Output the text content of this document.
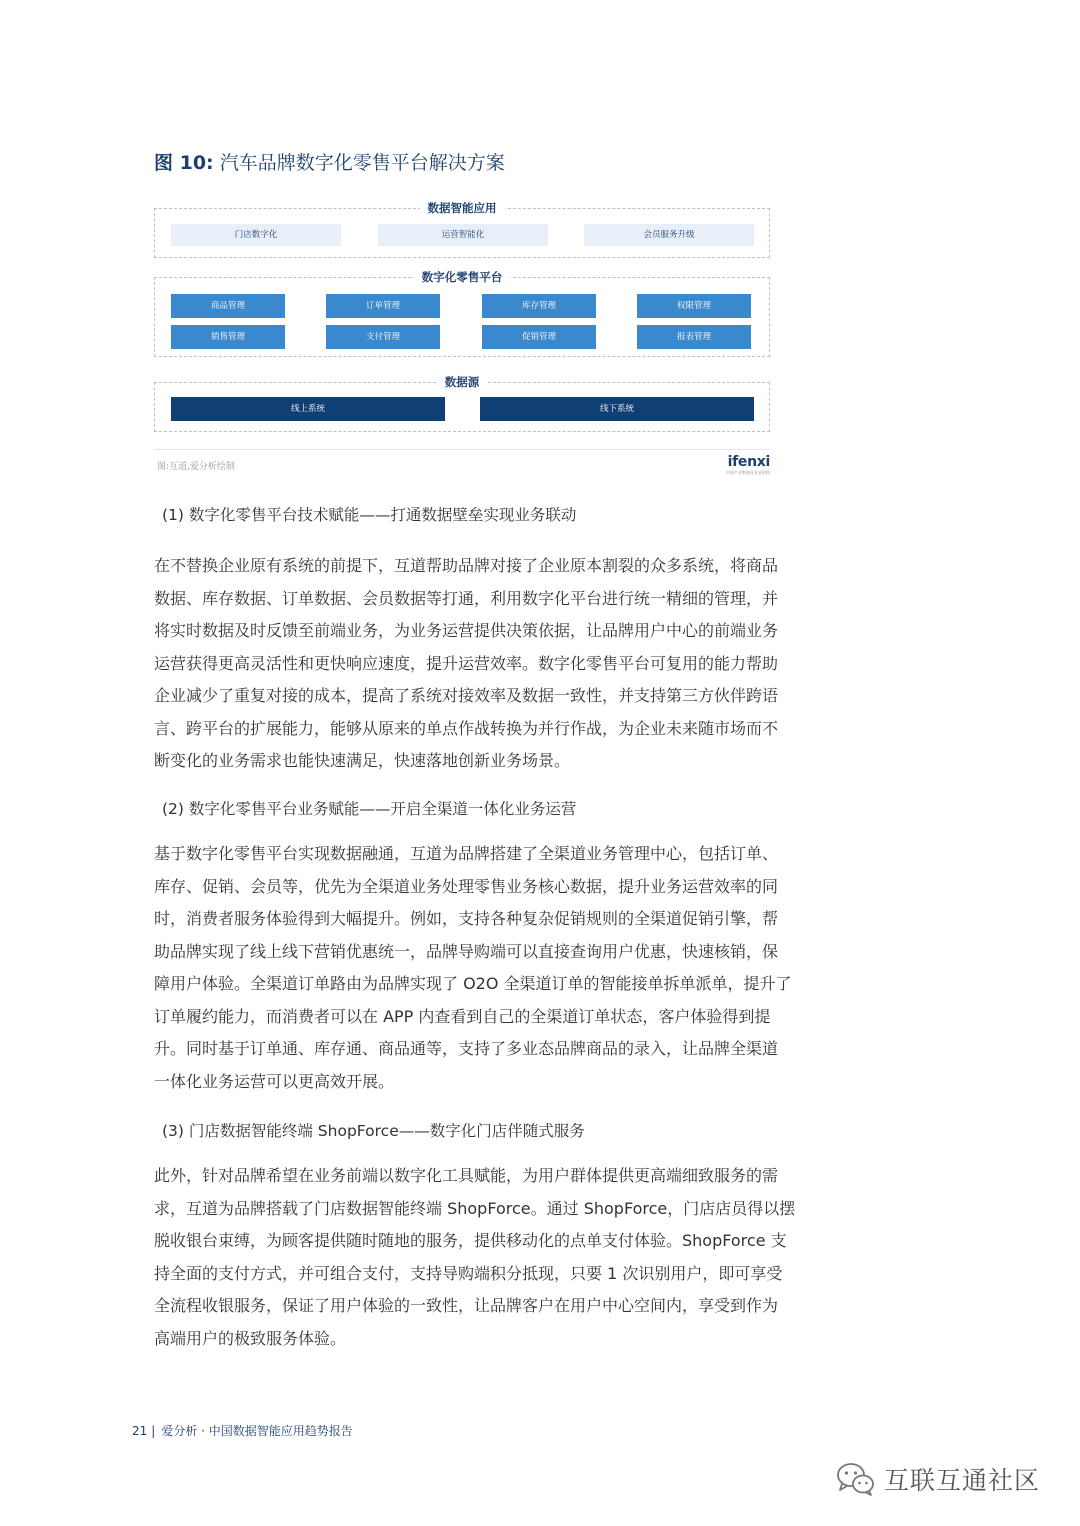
图 10: 汽车品牌数字化零售平台解决方案
数据智能应用
门店数字化	运营智能化	会员服务升级
数字化零售平台
商品管理	订单管理	库存管理	权限管理
销售管理	支付管理	促销管理	报表管理
数据源
线上系统	线下系统
图:互道,爱分析绘制	ifenxi
中国产业数智化专业机构
(1) 数字化零售平台技术赋能——打通数据壁垒实现业务联动
在不替换企业原有系统的前提下，互道帮助品牌对接了企业原本割裂的众多系统，将商品
数据、库存数据、订单数据、会员数据等打通，利用数字化平台进行统一精细的管理，并
将实时数据及时反馈至前端业务，为业务运营提供决策依据，让品牌用户中心的前端业务
运营获得更高灵活性和更快响应速度，提升运营效率。数字化零售平台可复用的能力帮助
企业减少了重复对接的成本，提高了系统对接效率及数据一致性，并支持第三方伙伴跨语
言、跨平台的扩展能力，能够从原来的单点作战转换为并行作战，为企业未来随市场而不
断变化的业务需求也能快速满足，快速落地创新业务场景。
(2) 数字化零售平台业务赋能——开启全渠道一体化业务运营
基于数字化零售平台实现数据融通，互道为品牌搭建了全渠道业务管理中心，包括订单、
库存、促销、会员等，优先为全渠道业务处理零售业务核心数据，提升业务运营效率的同
时，消费者服务体验得到大幅提升。例如，支持各种复杂促销规则的全渠道促销引擎，帮
助品牌实现了线上线下营销优惠统一，品牌导购端可以直接查询用户优惠，快速核销，保
障用户体验。全渠道订单路由为品牌实现了 O2O 全渠道订单的智能接单拆单派单，提升了
订单履约能力，而消费者可以在 APP 内查看到自己的全渠道订单状态，客户体验得到提
升。同时基于订单通、库存通、商品通等，支持了多业态品牌商品的录入，让品牌全渠道
一体化业务运营可以更高效开展。
(3) 门店数据智能终端 ShopForce——数字化门店伴随式服务
此外，针对品牌希望在业务前端以数字化工具赋能，为用户群体提供更高端细致服务的需
求，互道为品牌搭载了门店数据智能终端 ShopForce。通过 ShopForce，门店店员得以摆
脱收银台束缚，为顾客提供随时随地的服务，提供移动化的点单支付体验。ShopForce 支
持全面的支付方式，并可组合支付，支持导购端积分抵现，只要 1 次识别用户，即可享受
全流程收银服务，保证了用户体验的一致性，让品牌客户在用户中心空间内，享受到作为
高端用户的极致服务体验。
21 | 爱分析 · 中国数据智能应用趋势报告
互联互通社区
